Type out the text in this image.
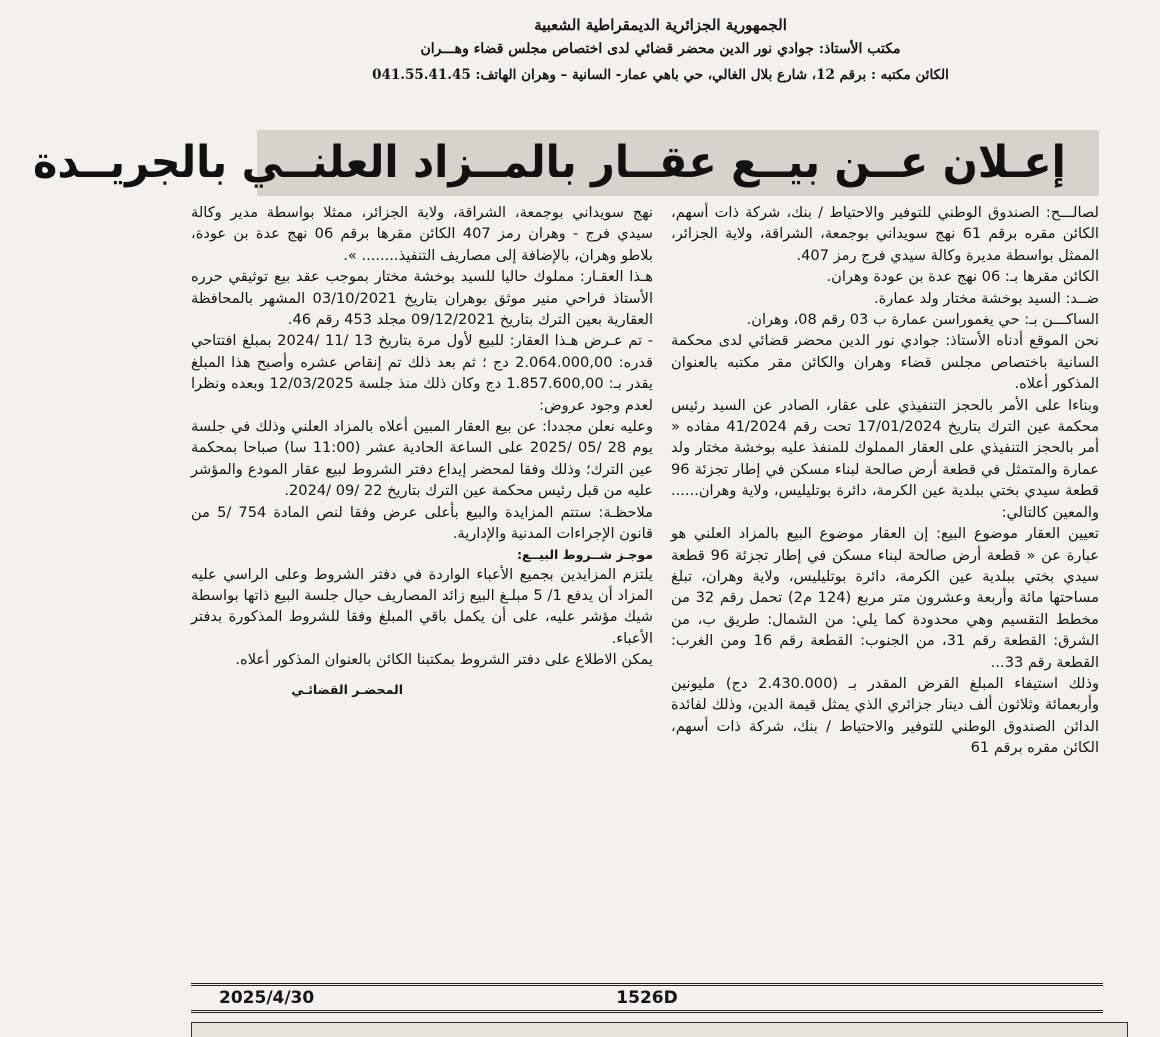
الجمهورية الجزائرية الديمقراطية الشعبية
مكتب الأستاذ: جوادي نور الدين محضر قضائي لدى اختصاص مجلس قضاء وهـــران
الكائن مكتبه : برقم 12، شارع بلال الغالي، حي باهي عمار- السانية – وهران الهاتف: 041.55.41.45
إعـلان عــن بيــع عقــار بالمــزاد العلنــي بالجريــدة

لصالـــح: الصندوق الوطني للتوفير والاحتياط / بنك، شركة ذات أسهم، الكائن مقره برقم 61 نهج سويداني بوجمعة، الشراقة، ولاية الجزائر، الممثل بواسطة مديرة وكالة سيدي فرج رمز 407.

الكائن مقرها بـ: 06 نهج عدة بن عودة وهران.

ضــد: السيد بوخشة مختار ولد عمارة.

الساكـــن بـ: حي يغموراسن عمارة ب 03 رقم 08، وهران.

نحن الموقع أدناه الأستاذ: جوادي نور الدين محضر قضائي لدى محكمة السانية باختصاص مجلس قضاء وهران والكائن مقر مكتبه بالعنوان المذكور أعلاه.

وبناءا على الأمر بالحجز التنفيذي على عقار، الصادر عن السيد رئيس محكمة عين الترك بتاريخ 17/01/2024 تحت رقم 41/2024 مفاده « أمر بالحجز التنفيذي على العقار المملوك للمنفذ عليه بوخشة مختار ولد عمارة والمتمثل في قطعة أرض صالحة لبناء مسكن في إطار تجزئة 96 قطعة سيدي بختي ببلدية عين الكرمة، دائرة بوتليليس، ولاية وهران...... والمعين كالتالي:

تعيين العقار موضوع البيع: إن العقار موضوع البيع بالمزاد العلني هو عبارة عن « قطعة أرض صالحة لبناء مسكن في إطار تجزئة 96 قطعة سيدي بختي ببلدية عين الكرمة، دائرة بوتليليس، ولاية وهران، تبلغ مساحتها مائة وأربعة وعشرون متر مربع (124 م2) تحمل رقم 32 من مخطط التقسيم وهي محدودة كما يلي: من الشمال: طريق ب، من الشرق: القطعة رقم 31، من الجنوب: القطعة رقم 16 ومن الغرب: القطعة رقم 33...

وذلك استيفاء المبلغ القرض المقدر بـ (2.430.000 دج) مليونين وأربعمائة وثلاثون ألف دينار جزائري الذي يمثل قيمة الدين، وذلك لفائدة الدائن الصندوق الوطني للتوفير والاحتياط / بنك، شركة ذات أسهم، الكائن مقره برقم 61

نهج سويداني بوجمعة، الشراقة، ولاية الجزائر، ممثلا بواسطة مدير وكالة سيدي فرج - وهران رمز 407 الكائن مقرها برقم 06 نهج عدة بن عودة، بلاطو وهران، بالإضافة إلى مصاريف التنفيذ........ ».

هـذا العقـار: مملوك حاليا للسيد بوخشة مختار بموجب عقد بيع توثيقي حرره الأستاذ فراحي منير موثق بوهران بتاريخ 03/10/2021 المشهر بالمحافظة العقارية بعين الترك بتاريخ 09/12/2021 مجلد 453 رقم 46.

- تم عـرض هـذا العقار: للبيع لأول مرة بتاريخ 13 /11 /2024 بمبلغ افتتاحي قدره: 2.064.000,00 دج ؛ ثم بعد ذلك تم إنقاص عشره وأصبح هذا المبلغ يقدر بـ: 1.857.600,00 دج وكان ذلك منذ جلسة 12/03/2025 وبعده ونظرا لعدم وجود عروض:

وعليه نعلن مجددا: عن بيع العقار المبين أعلاه بالمزاد العلني وذلك في جلسة يوم 28 /05 /2025 على الساعة الحادية عشر (11:00 سا) صباحا بمحكمة عين الترك؛ وذلك وفقا لمحضر إيداع دفتر الشروط لبيع عقار المودع والمؤشر عليه من قبل رئيس محكمة عين الترك بتاريخ 22 /09 /2024.

ملاحظـة: ستتم المزايدة والبيع بأعلى عرض وفقا لنص المادة 754 /5 من قانون الإجراءات المدنية والإدارية.

موجـز شــروط البيــع:

يلتزم المزايدين بجميع الأعباء الواردة في دفتر الشروط وعلى الراسي عليه المزاد أن يدفع 1/ 5 مبلـغ البيع زائد المصاريف حيال جلسة البيع ذاتها بواسطة شيك مؤشر عليه، على أن يكمل باقي المبلغ وفقا للشروط المذكورة بدفتر الأعباء.

يمكن الاطلاع على دفتر الشروط بمكتبنا الكائن بالعنوان المذكور أعلاه.

المحضـر القضائـي

1526D
2025/4/30
